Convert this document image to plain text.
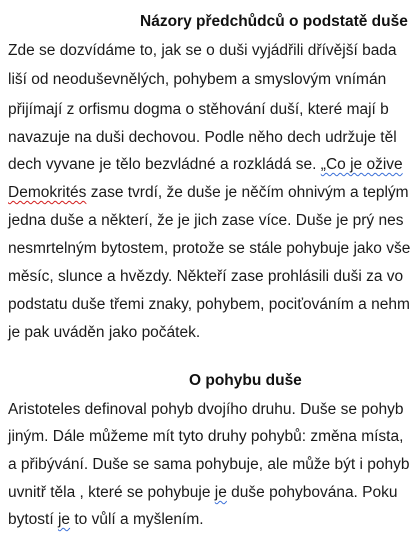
Názory předchůdců o podstatě duše
Zde se dozvídáme to, jak se o duši vyjádřili dřívější bada
liší od neoduševnělých, pohybem a smyslovým vnímán
přijímají z orfismu dogma o stěhování duší, které mají b
navazuje na duši dechovou. Podle něho dech udržuje těl
dech vyvane je tělo bezvládné a rozkládá se. „Co je ožive
Demokrités zase tvrdí, že duše je něčím ohnivým a teplým
jedna duše a některí, že je jich zase více. Duše je prý nes
nesmrtelným bytostem, protože se stále pohybuje jako vše
měsíc, slunce a hvězdy. Někteří zase prohlásili duši za vo
podstatu duše třemi znaky, pohybem, pociťováním a nehm
je pak uváděn jako počátek.
O pohybu duše
Aristoteles definoval pohyb dvojího druhu. Duše se pohyb
jiným. Dále můžeme mít tyto druhy pohybů: změna místa,
a přibývání. Duše se sama pohybuje, ale může být i pohyb
uvnitř těla , které se pohybuje je duše pohybována. Poku
bytostí je to vůlí a myšlením.
